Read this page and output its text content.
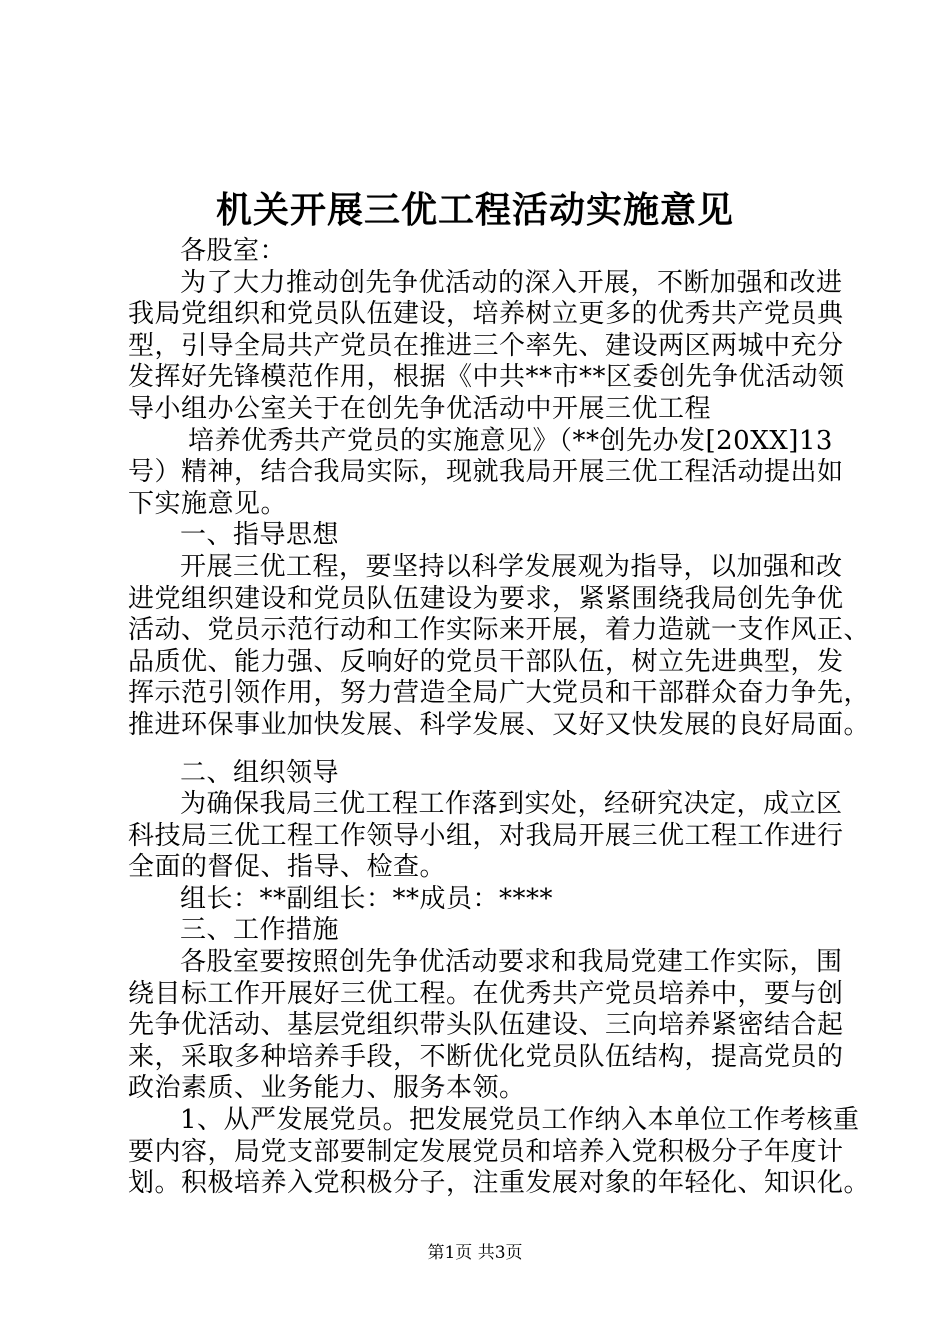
机关开展三优工程活动实施意见
各股室：
为了大力推动创先争优活动的深入开展，不断加强和改进
我局党组织和党员队伍建设，培养树立更多的优秀共产党员典
型，引导全局共产党员在推进三个率先、建设两区两城中充分
发挥好先锋模范作用，根据《中共**市**区委创先争优活动领
导小组办公室关于在创先争优活动中开展三优工程
培养优秀共产党员的实施意见》（**创先办发[20XX]13
号）精神，结合我局实际，现就我局开展三优工程活动提出如
下实施意见。
一、指导思想
开展三优工程，要坚持以科学发展观为指导，以加强和改
进党组织建设和党员队伍建设为要求，紧紧围绕我局创先争优
活动、党员示范行动和工作实际来开展，着力造就一支作风正、
品质优、能力强、反响好的党员干部队伍，树立先进典型，发
挥示范引领作用，努力营造全局广大党员和干部群众奋力争先，
推进环保事业加快发展、科学发展、又好又快发展的良好局面。
二、组织领导
为确保我局三优工程工作落到实处，经研究决定，成立区
科技局三优工程工作领导小组，对我局开展三优工程工作进行
全面的督促、指导、检查。
组长：**副组长：**成员：****
三、工作措施
各股室要按照创先争优活动要求和我局党建工作实际，围
绕目标工作开展好三优工程。在优秀共产党员培养中，要与创
先争优活动、基层党组织带头队伍建设、三向培养紧密结合起
来，采取多种培养手段，不断优化党员队伍结构，提高党员的
政治素质、业务能力、服务本领。
1、从严发展党员。把发展党员工作纳入本单位工作考核重
要内容，局党支部要制定发展党员和培养入党积极分子年度计
划。积极培养入党积极分子，注重发展对象的年轻化、知识化。
第1页 共3页
